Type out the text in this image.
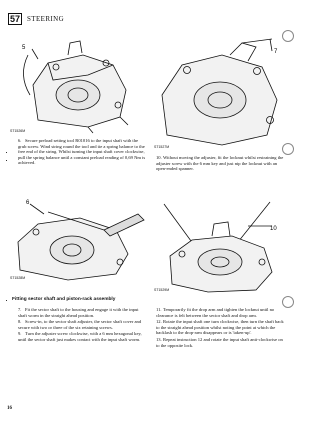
57 STEERING
5
ST1526M
7
ST1527M

6. Secure preload setting tool R01016 to the input shaft with the grub screw. Wind string round the tool and tie a spring balance to the free end of the string. Whilst turning the input shaft cover clockwise, pull the spring balance until a constant preload reading of 0,69 Nm is achieved.

10.Without moving the adjuster, fit the locknut whilst restraining the adjuster screw with the 6 mm key and just nip the locknut with an open-ended spanner.

6
ST1528M
10
ST1529M
Fitting sector shaft and piston-rack assembly

7. Fit the sector shaft to the housing and engage it with the input shaft worm in the straight ahead position.

8. Screw-in, to the sector shaft adjuster, the sector shaft cover and secure with two or three of the six retaining screws.

9. Turn the adjuster screw clockwise, with a 6 mm hexagonal key, until the sector shaft just makes contact with the input shaft worm.

11.Temporarily fit the drop arm and tighten the locknut until no clearance is felt between the sector shaft and drop arm.

12.Rotate the input shaft one turn clockwise, then turn the shaft back to the straight ahead position whilst noting the point at which the backlash to the drop-arm disappears or is 'taken-up'.

13.Repeat instruction 12 and rotate the input shaft anti-clockwise on to the opposite lock.

16
